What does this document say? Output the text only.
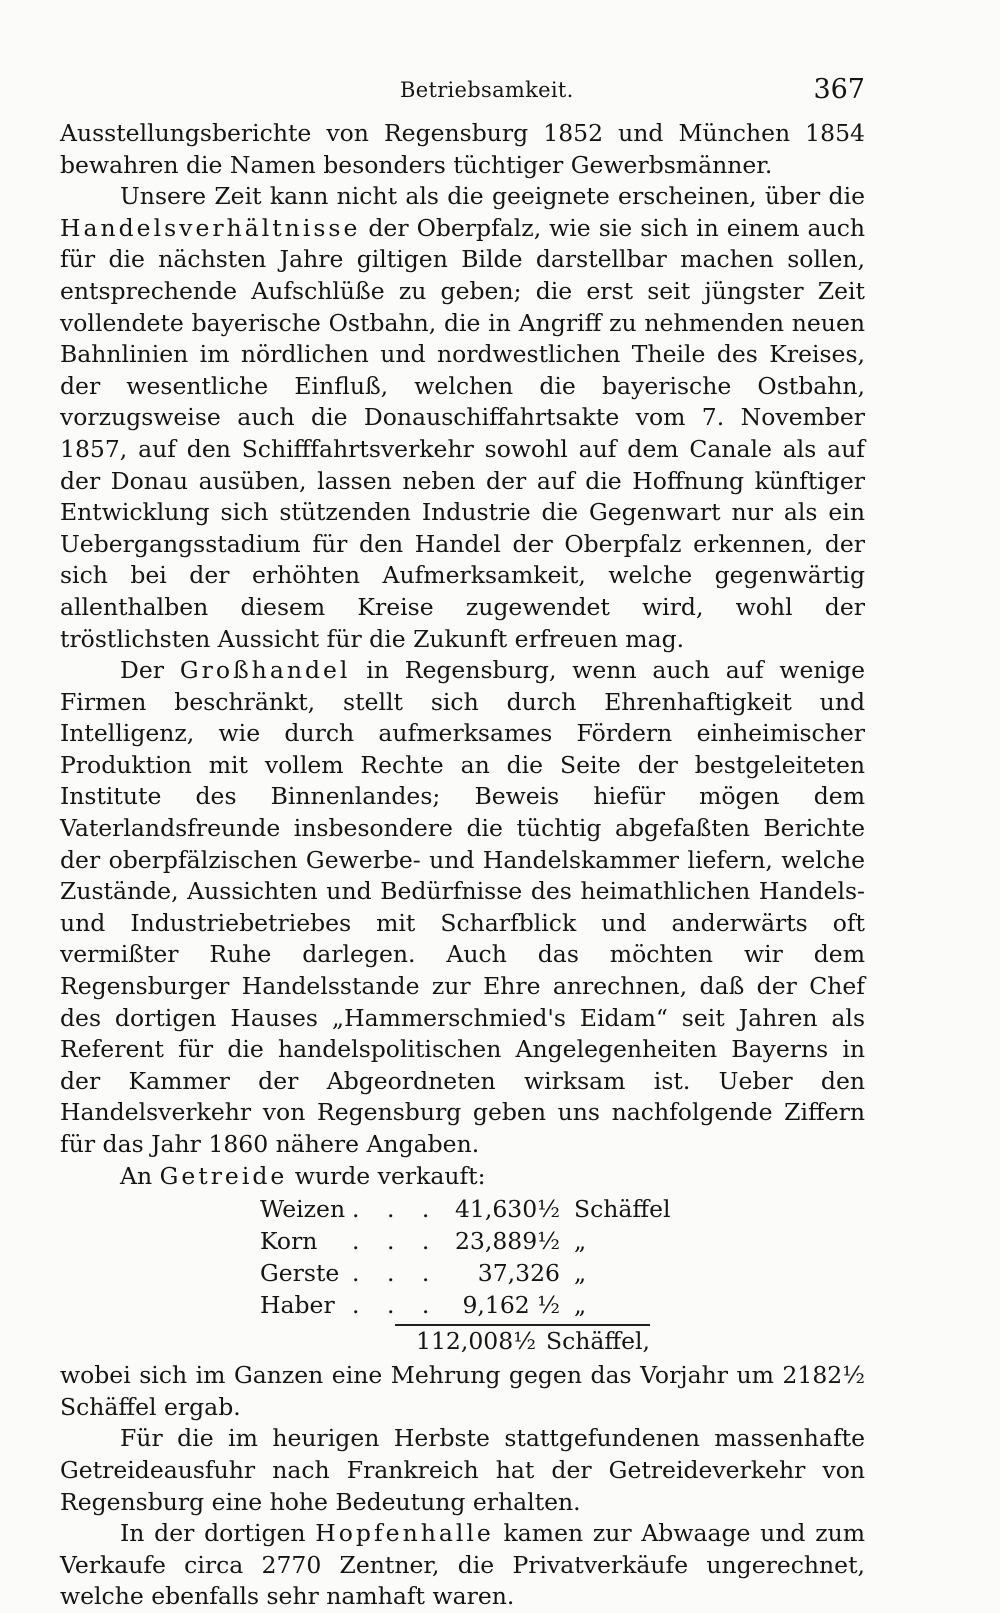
Betriebsamkeit.	367

Ausstellungsberichte von Regensburg 1852 und München 1854 bewahren die Namen besonders tüchtiger Gewerbsmänner.

Unsere Zeit kann nicht als die geeignete erscheinen, über die Handelsverhältnisse der Oberpfalz, wie sie sich in einem auch für die nächsten Jahre giltigen Bilde darstellbar machen sollen, entsprechende Aufschlüße zu geben; die erst seit jüngster Zeit vollendete bayerische Ostbahn, die in Angriff zu nehmenden neuen Bahnlinien im nördlichen und nordwestlichen Theile des Kreises, der wesentliche Einfluß, welchen die bayerische Ostbahn, vorzugsweise auch die Donauschiffahrtsakte vom 7. November 1857, auf den Schifffahrtsverkehr sowohl auf dem Canale als auf der Donau ausüben, lassen neben der auf die Hoffnung künftiger Entwicklung sich stützenden Industrie die Gegenwart nur als ein Uebergangsstadium für den Handel der Oberpfalz erkennen, der sich bei der erhöhten Aufmerksamkeit, welche gegenwärtig allenthalben diesem Kreise zugewendet wird, wohl der tröstlichsten Aussicht für die Zukunft erfreuen mag.

Der Großhandel in Regensburg, wenn auch auf wenige Firmen beschränkt, stellt sich durch Ehrenhaftigkeit und Intelligenz, wie durch aufmerksames Fördern einheimischer Produktion mit vollem Rechte an die Seite der bestgeleiteten Institute des Binnenlandes; Beweis hiefür mögen dem Vaterlandsfreunde insbesondere die tüchtig abgefaßten Berichte der oberpfälzischen Gewerbe- und Handelskammer liefern, welche Zustände, Aussichten und Bedürfnisse des heimathlichen Handels- und Industriebetriebes mit Scharfblick und anderwärts oft vermißter Ruhe darlegen. Auch das möchten wir dem Regensburger Handelsstande zur Ehre anrechnen, daß der Chef des dortigen Hauses „Hammerschmied's Eidam“ seit Jahren als Referent für die handelspolitischen Angelegenheiten Bayerns in der Kammer der Abgeordneten wirksam ist. Ueber den Handelsverkehr von Regensburg geben uns nachfolgende Ziffern für das Jahr 1860 nähere Angaben.

An Getreide wurde verkauft:

Weizen . . . 41,630½ Schäffel
Korn	. . . 23,889½ „
Gerste . . .	37,326 „
Haber . . . 9,162 ½ „
112,008½ Schäffel,

wobei sich im Ganzen eine Mehrung gegen das Vorjahr um 2182½ Schäffel ergab.

Für die im heurigen Herbste stattgefundenen massenhafte Getreideausfuhr nach Frankreich hat der Getreideverkehr von Regensburg eine hohe Bedeutung erhalten.

In der dortigen Hopfenhalle kamen zur Abwaage und zum Verkaufe circa 2770 Zentner, die Privatverkäufe ungerechnet, welche ebenfalls sehr namhaft waren.
